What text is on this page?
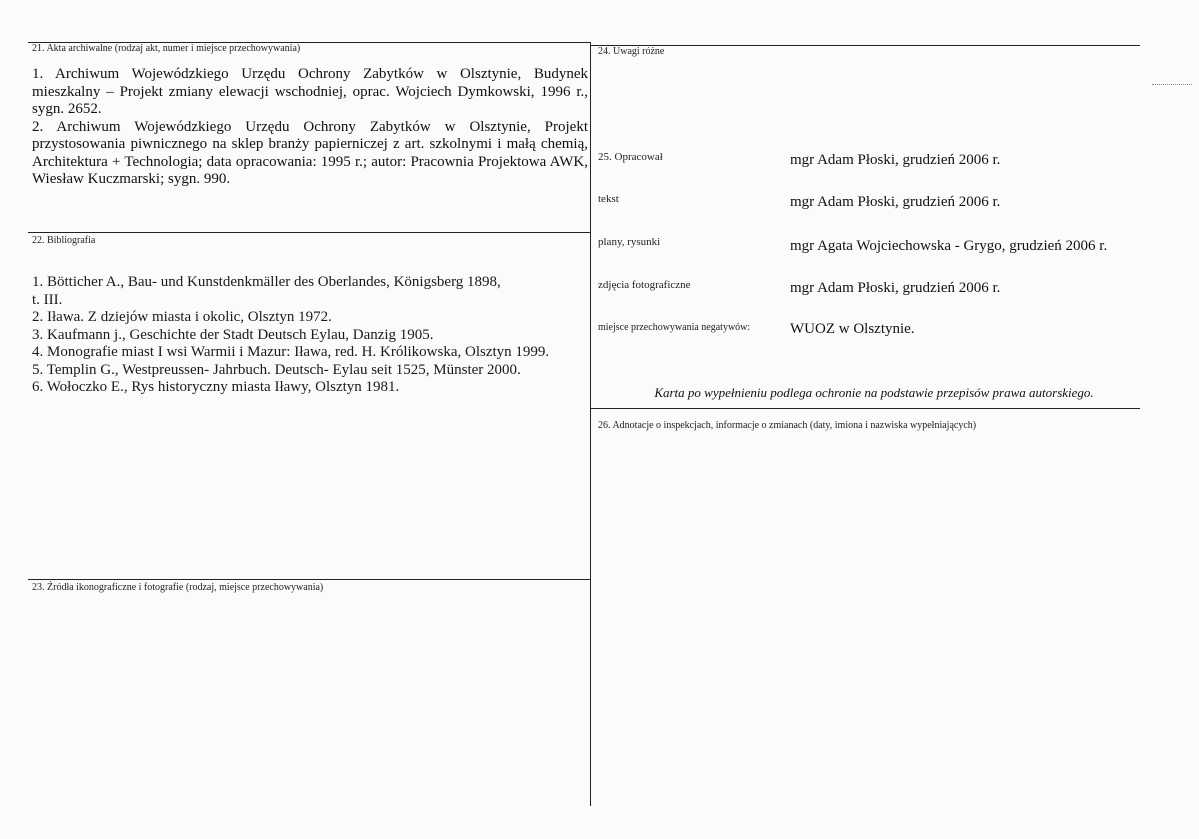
21. Akta archiwalne (rodzaj akt, numer i miejsce przechowywania)
1. Archiwum Wojewódzkiego Urzędu Ochrony Zabytków w Olsztynie, Budynek mieszkalny – Projekt zmiany elewacji wschodniej, oprac. Wojciech Dymkowski, 1996 r., sygn. 2652.
2. Archiwum Wojewódzkiego Urzędu Ochrony Zabytków w Olsztynie, Projekt przystosowania piwnicznego na sklep branży papierniczej z art. szkolnymi i małą chemią, Architektura + Technologia; data opracowania: 1995 r.; autor: Pracownia Projektowa AWK, Wiesław Kuczmarski; sygn. 990.
22. Bibliografia
1. Bötticher A., Bau- und Kunstdenkmäller des Oberlandes, Königsberg 1898,
t. III.
2. Iława. Z dziejów miasta i okolic, Olsztyn 1972.
3. Kaufmann j., Geschichte der Stadt Deutsch Eylau, Danzig 1905.
4. Monografie miast I wsi Warmii i Mazur: Iława, red. H. Królikowska, Olsztyn 1999.
5. Templin G., Westpreussen- Jahrbuch. Deutsch- Eylau seit 1525, Münster 2000.
6. Wołoczko E., Rys historyczny miasta Iławy, Olsztyn 1981.
23. Źródła ikonograficzne i fotografie (rodzaj, miejsce przechowywania)
24. Uwagi różne
25. Opracował	mgr Adam Płoski, grudzień 2006 r.
tekst	mgr Adam Płoski, grudzień 2006 r.
plany, rysunki	mgr Agata Wojciechowska - Grygo, grudzień 2006 r.
zdjęcia fotograficzne	mgr Adam Płoski, grudzień 2006 r.
miejsce przechowywania negatywów:	WUOZ w Olsztynie.
Karta po wypełnieniu podlega ochronie na podstawie przepisów prawa autorskiego.
26. Adnotacje o inspekcjach, informacje o zmianach (daty, imiona i nazwiska wypełniających)
